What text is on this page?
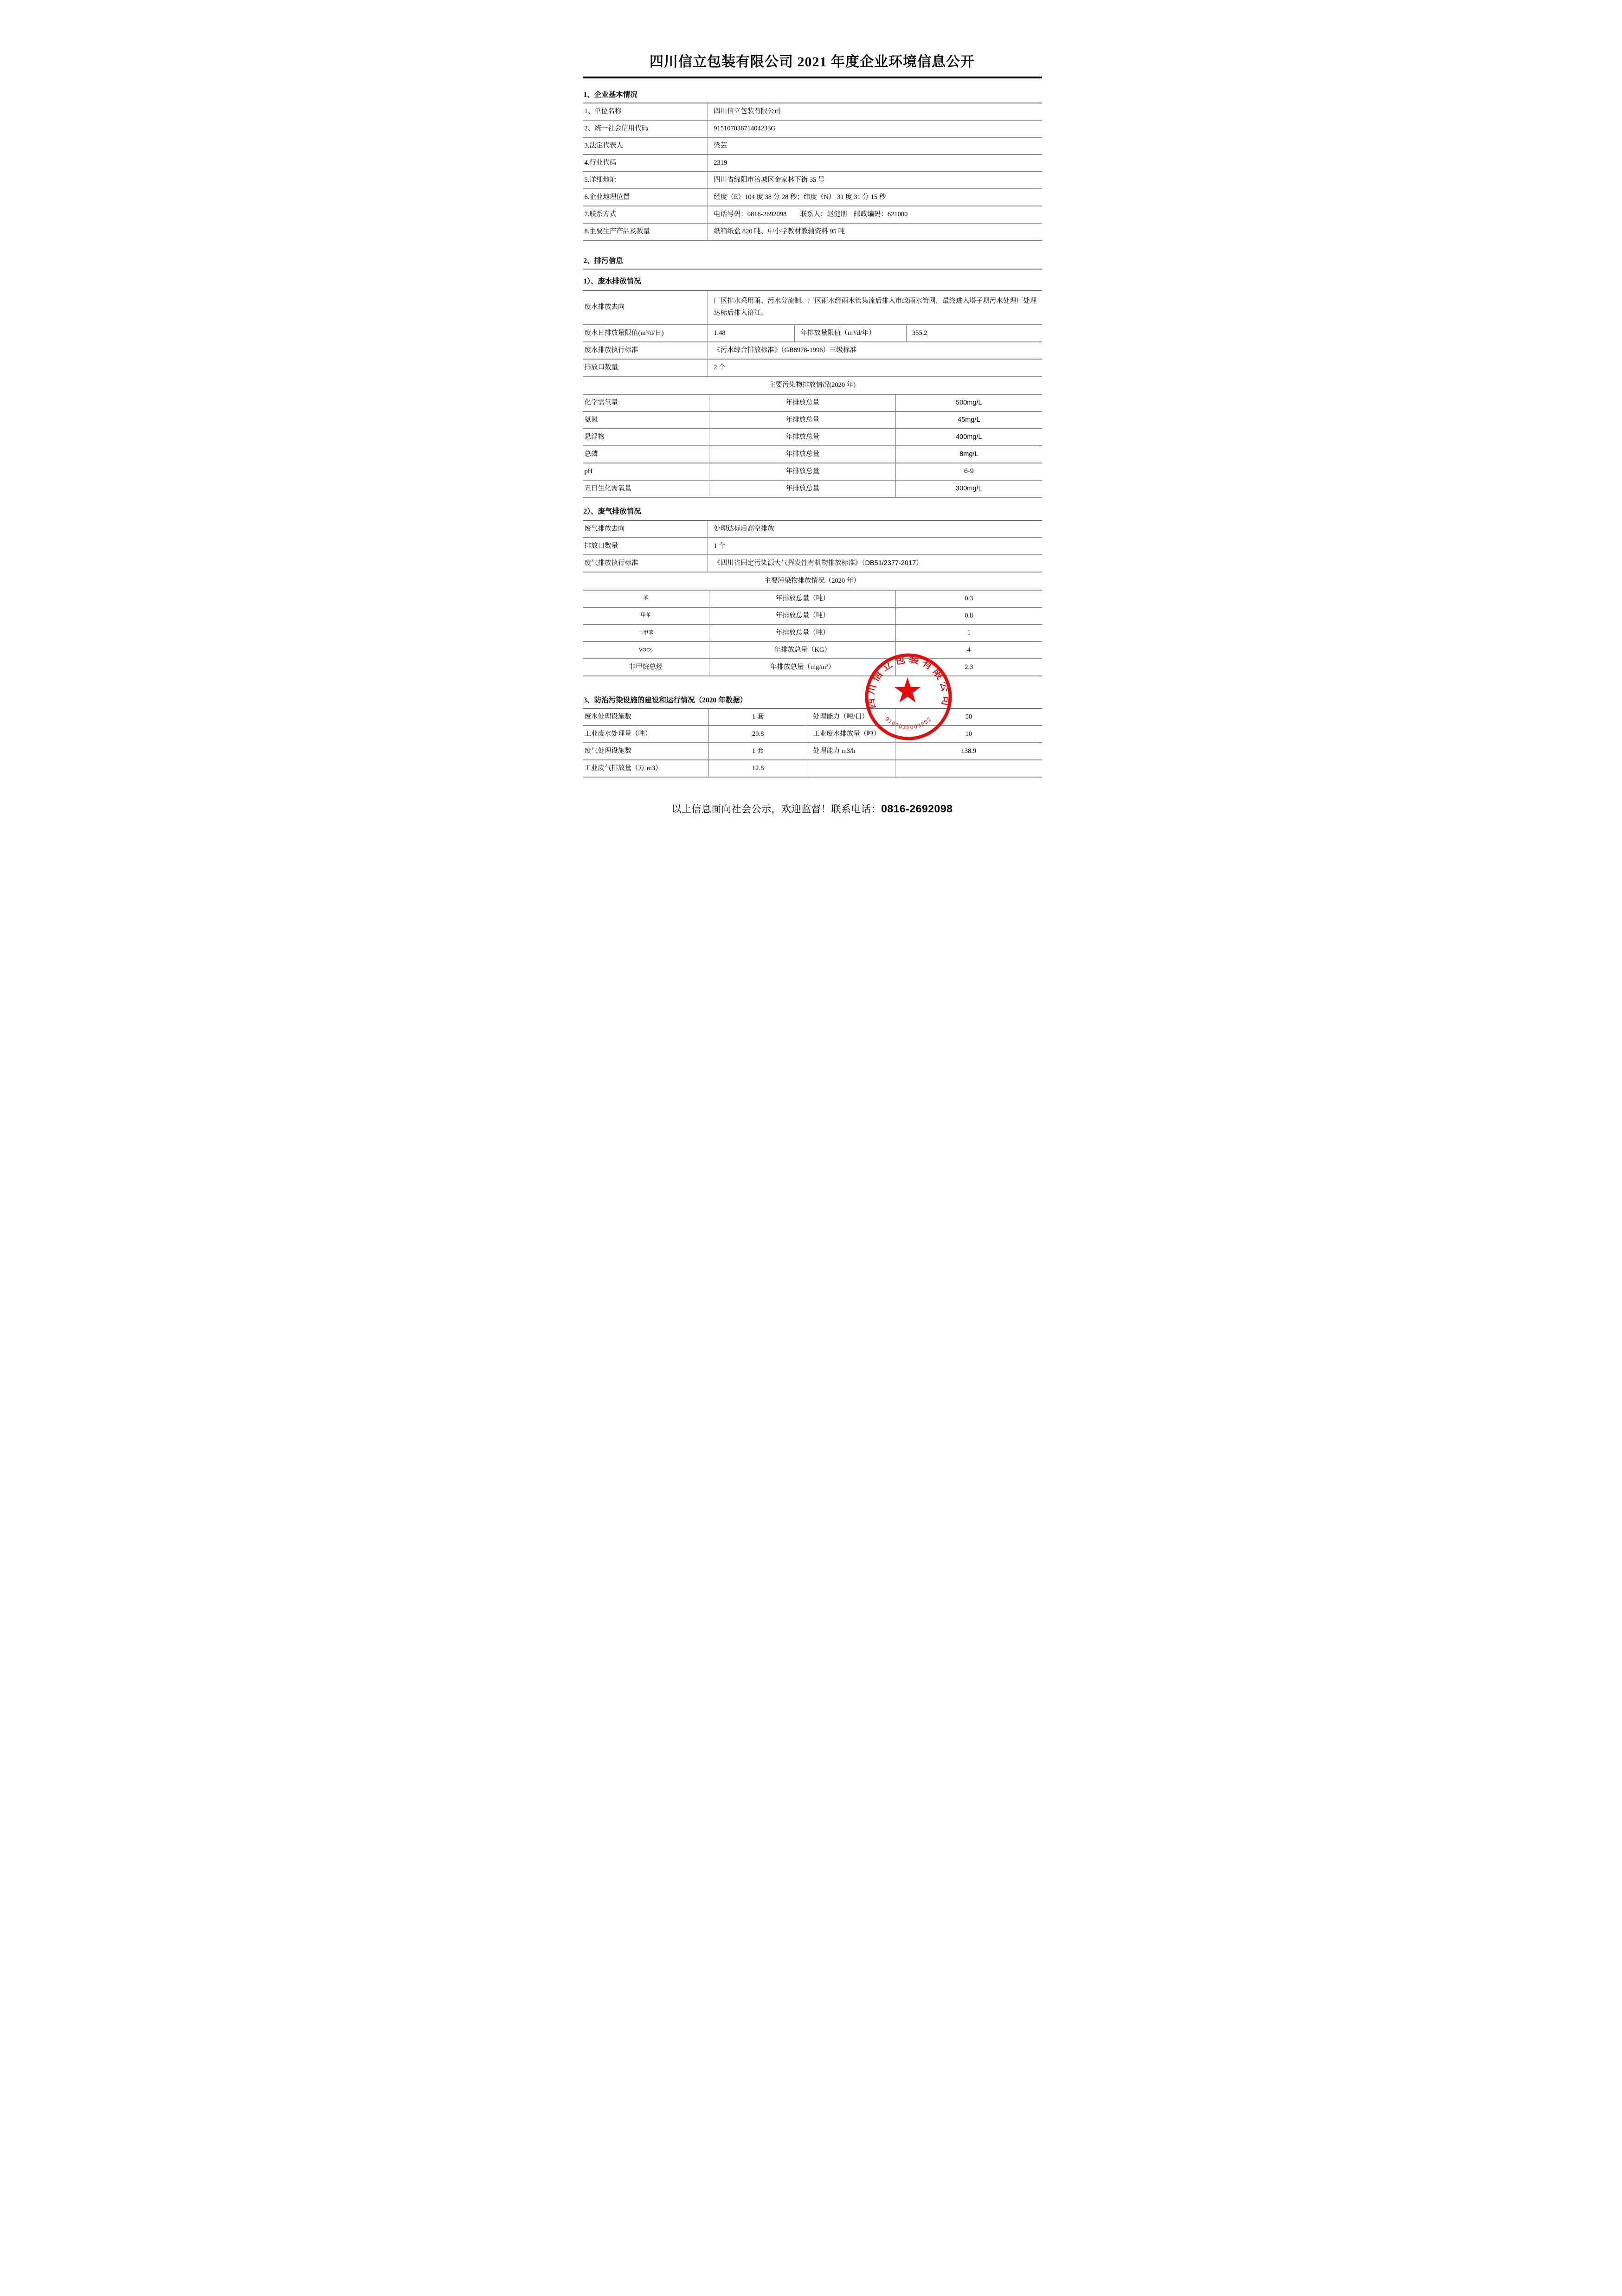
四川信立包装有限公司 2021 年度企业环境信息公开
1、企业基本情况
1、单位名称	四川信立包装有限公司
2、统一社会信用代码	91510703671404233G
3.法定代表人	梁芸
4.行业代码	2319
5.详细地址	四川省绵阳市涪城区金家林下街 35 号
6.企业地理位置	经度（E）104 度 38 分 28 秒；纬度（N） 31 度 31 分 15 秒
7.联系方式	电话号码：0816-2692098　　联系人：赵健朋　邮政编码：621000
8.主要生产产品及数量	纸箱纸盒 820 吨、中小学教材教辅资料 95 吨
2、排污信息
1）、废水排放情况
废水排放去向	厂区排水采用雨、污水分流制。厂区雨水经雨水管集流后排入市政雨水管网，最终进入塔子坝污水处理厂处理达标后排入涪江。
废水日排放量限值(m³/d/日)	1.48	年排放量限值（m³/d/年）	355.2
废水排放执行标准	《污水综合排放标准》（GB8978-1996）三级标准
排放口数量	2 个
主要污染物排放情况(2020 年)	
化学需氧量	年排放总量	500mg/L
氨氮	年排放总量	45mg/L
悬浮物	年排放总量	400mg/L
总磷	年排放总量	8mg/L
pH	年排放总量	6-9
五日生化需氧量	年排放总量	300mg/L
2）、废气排放情况
废气排放去向	处理达标后高空排放
排放口数量	1 个
废气排放执行标准	《四川省固定污染源大气挥发性有机物排放标准》（DB51/2377-2017）
主要污染物排放情况（2020 年）	
苯	年排放总量（吨）	0.3
甲苯	年排放总量（吨）	0.8
二甲苯	年排放总量（吨）	1
VOCs	年排放总量（KG）	4
非甲烷总烃	年排放总量（mg/m³）	2.3
3、防治污染设施的建设和运行情况（2020 年数据）
废水处理设施数	1 套	处理能力（吨/日）	50
工业废水处理量（吨）	20.8	工业废水排放量（吨）	10
废气处理设施数	1 套	处理能力 m3/h	138.9
工业废气排放量（万 m3）	12.8		
以上信息面向社会公示，欢迎监督！联系电话：0816-2692098
四川信立包装有限公司
9107035003802
